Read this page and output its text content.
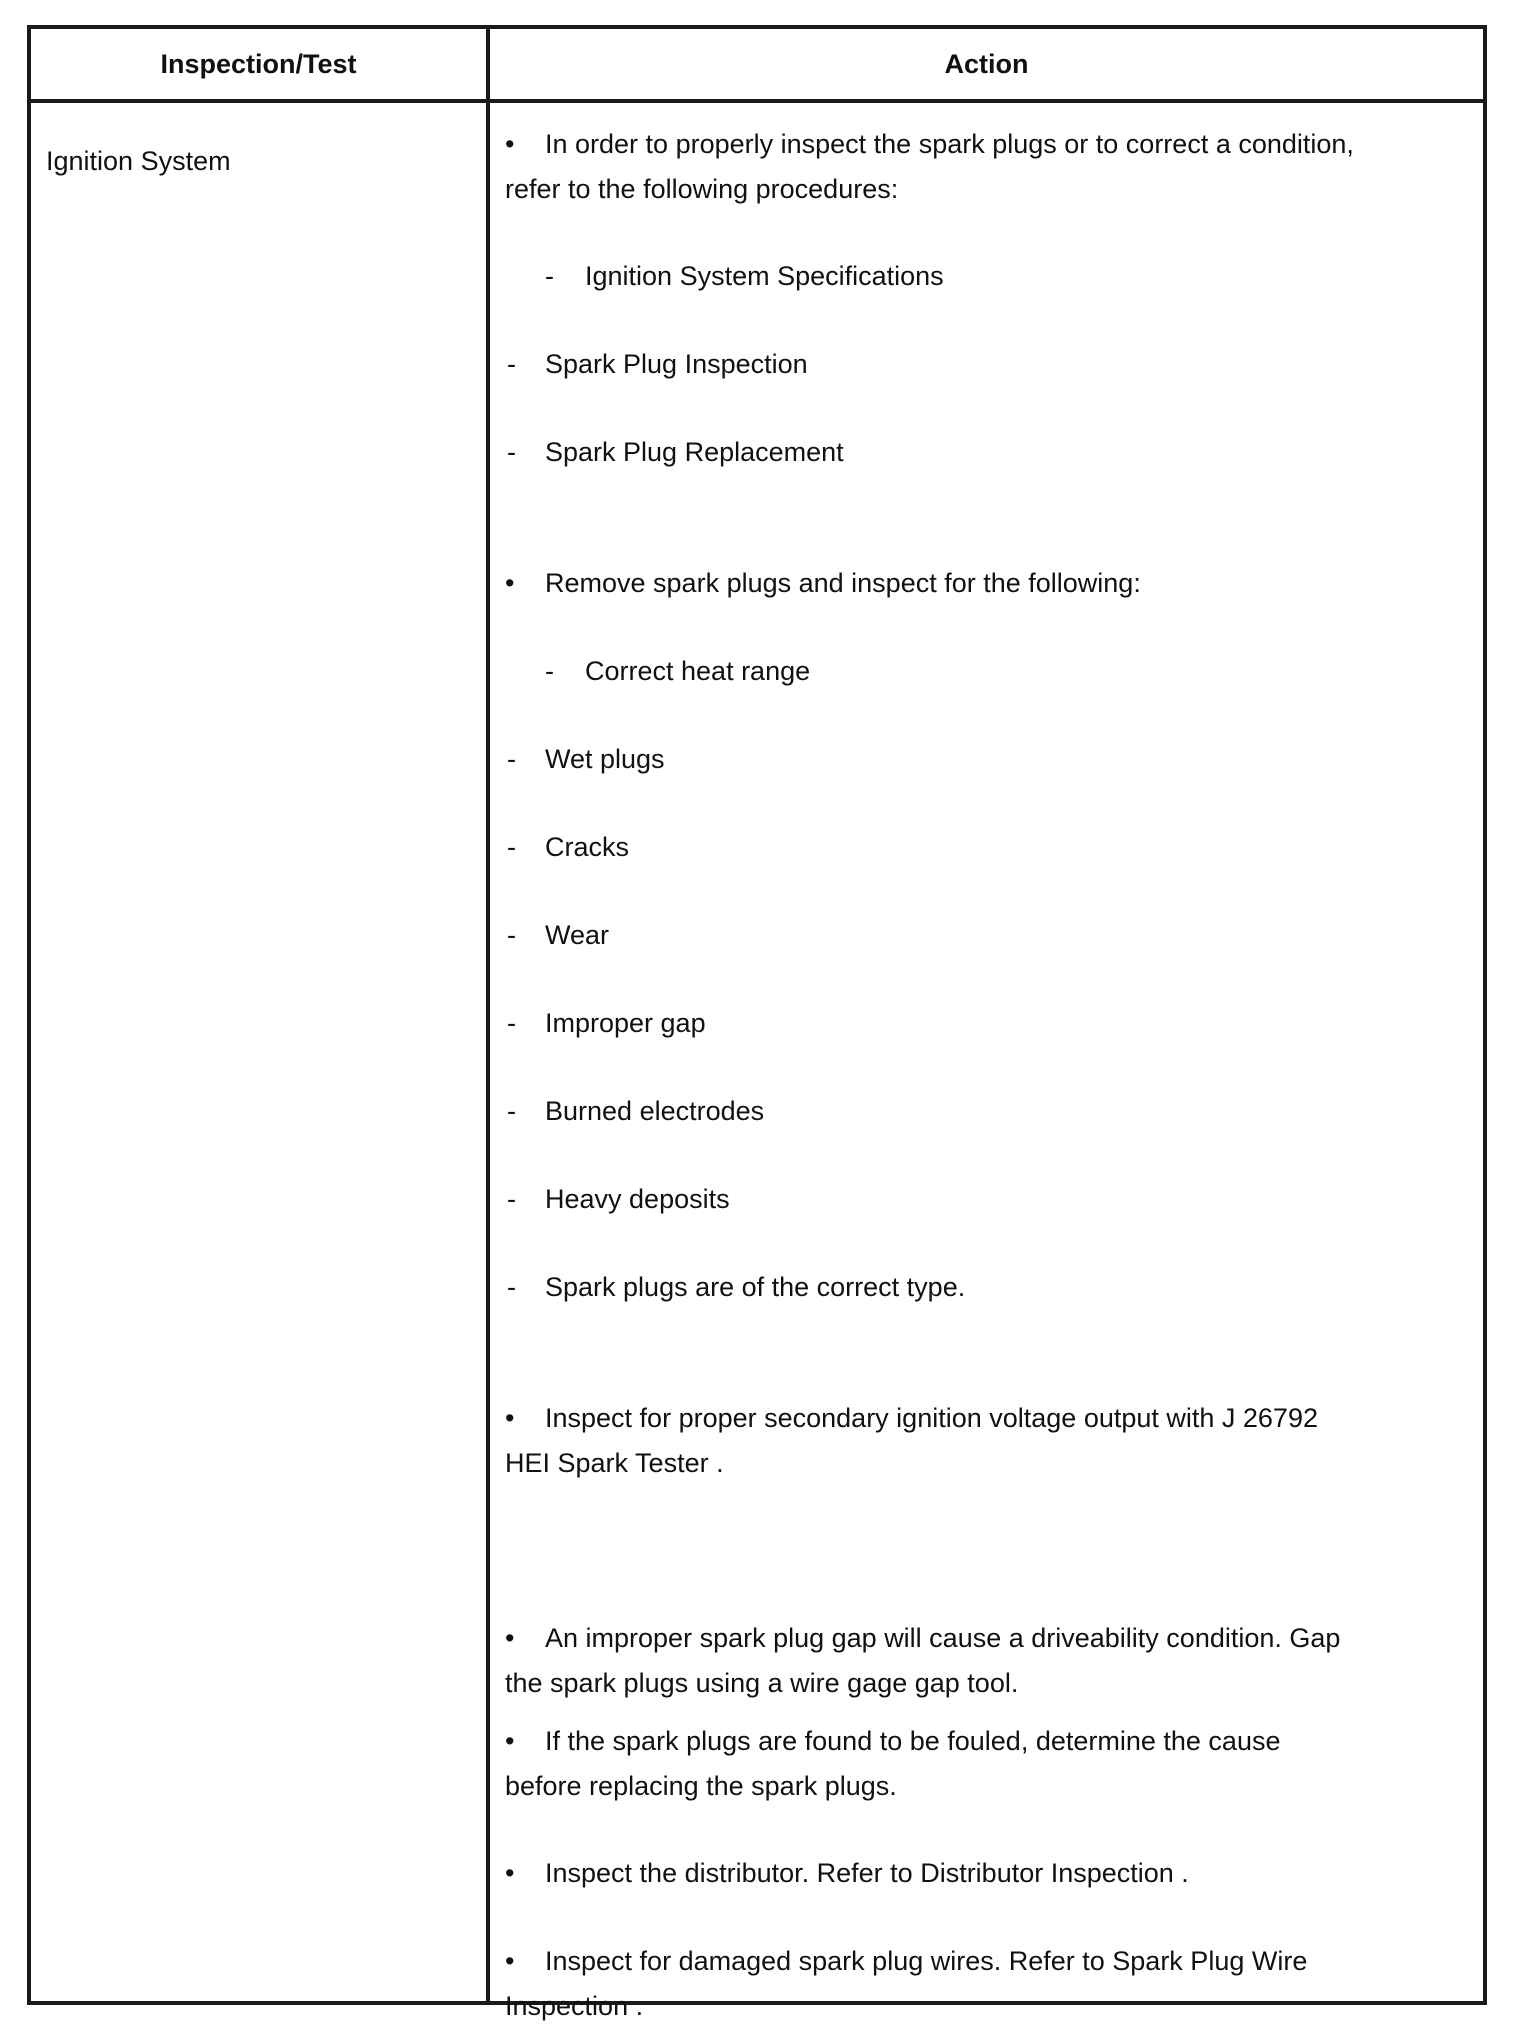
Inspection/Test	Action
Ignition System
• In order to properly inspect the spark plugs or to correct a condition,
refer to the following procedures:
- Ignition System Specifications
- Spark Plug Inspection
- Spark Plug Replacement
• Remove spark plugs and inspect for the following:
- Correct heat range
- Wet plugs
- Cracks
- Wear
- Improper gap
- Burned electrodes
- Heavy deposits
- Spark plugs are of the correct type.
• Inspect for proper secondary ignition voltage output with J 26792
HEI Spark Tester .
• An improper spark plug gap will cause a driveability condition. Gap
the spark plugs using a wire gage gap tool.
• If the spark plugs are found to be fouled, determine the cause
before replacing the spark plugs.
• Inspect the distributor. Refer to Distributor Inspection .
• Inspect for damaged spark plug wires. Refer to Spark Plug Wire
Inspection .
